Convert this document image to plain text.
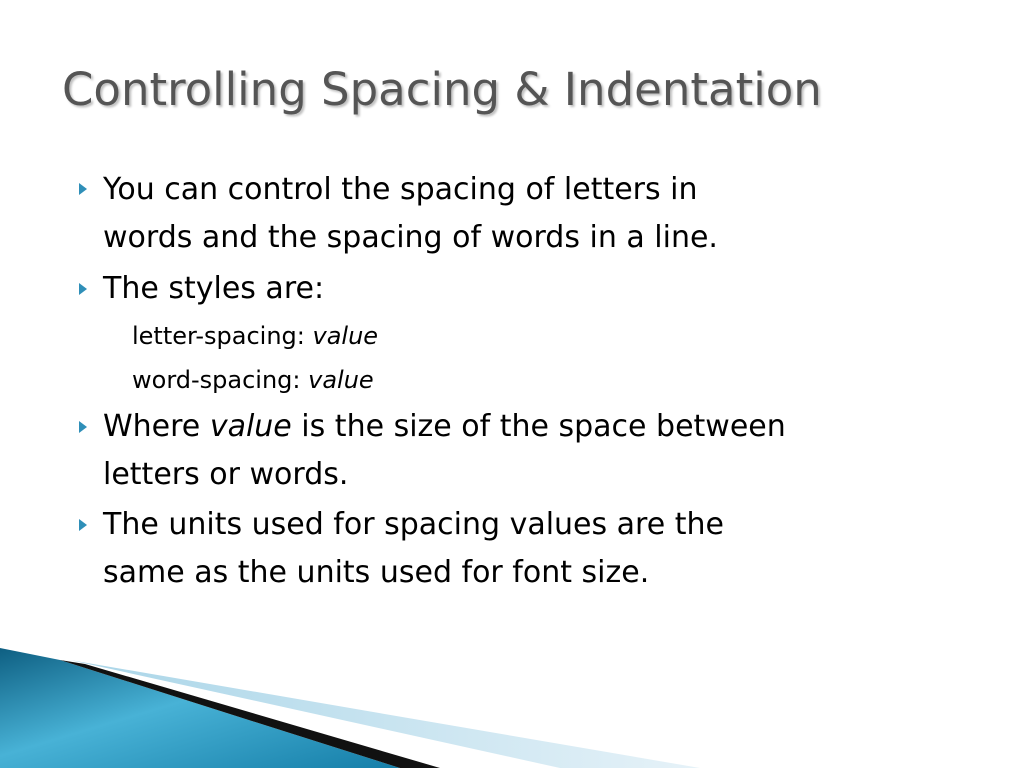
Controlling Spacing & Indentation

You can control the spacing of letters in
words and the spacing of words in a line.

The styles are:

letter-spacing: value

word-spacing: value

Where value is the size of the space between
letters or words.

The units used for spacing values are the
same as the units used for font size.
